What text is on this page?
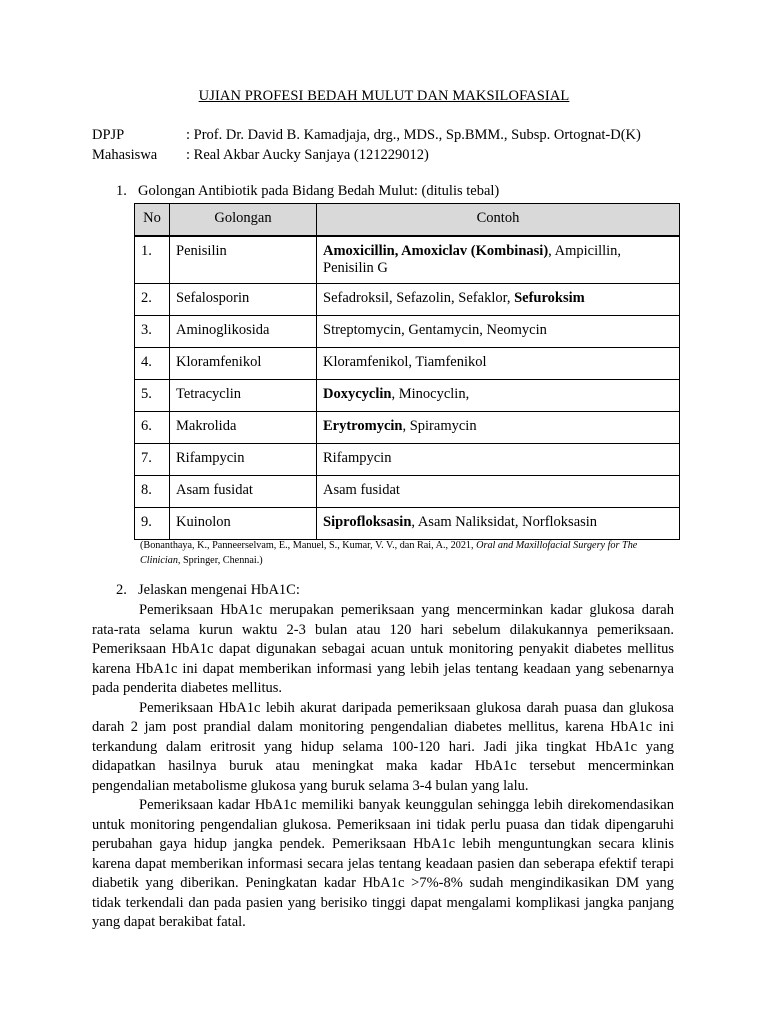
UJIAN PROFESI BEDAH MULUT DAN MAKSILOFASIAL
DPJP	: Prof. Dr. David B. Kamadjaja, drg., MDS., Sp.BMM., Subsp. Ortognat-D(K)
Mahasiswa : Real Akbar Aucky Sanjaya (121229012)
1. Golongan Antibiotik pada Bidang Bedah Mulut: (ditulis tebal)
No	Golongan	Contoh
1.	Penisilin	Amoxicillin, Amoxiclav (Kombinasi), Ampicillin, Penisilin G
2.	Sefalosporin	Sefadroksil, Sefazolin, Sefaklor, Sefuroksim
3.	Aminoglikosida	Streptomycin, Gentamycin, Neomycin
4.	Kloramfenikol	Kloramfenikol, Tiamfenikol
5.	Tetracyclin	Doxycyclin, Minocyclin,
6.	Makrolida	Erytromycin, Spiramycin
7.	Rifampycin	Rifampycin
8.	Asam fusidat	Asam fusidat
9.	Kuinolon	Siprofloksasin, Asam Naliksidat, Norfloksasin
(Bonanthaya, K., Panneerselvam, E., Manuel, S., Kumar, V. V., dan Rai, A., 2021, Oral and Maxillofacial Surgery for The Clinician, Springer, Chennai.)
2. Jelaskan mengenai HbA1C:

Pemeriksaan HbA1c merupakan pemeriksaan yang mencerminkan kadar glukosa darah rata-rata selama kurun waktu 2-3 bulan atau 120 hari sebelum dilakukannya pemeriksaan. Pemeriksaan HbA1c dapat digunakan sebagai acuan untuk monitoring penyakit diabetes mellitus karena HbA1c ini dapat memberikan informasi yang lebih jelas tentang keadaan yang sebenarnya pada penderita diabetes mellitus.

Pemeriksaan HbA1c lebih akurat daripada pemeriksaan glukosa darah puasa dan glukosa darah 2 jam post prandial dalam monitoring pengendalian diabetes mellitus, karena HbA1c ini terkandung dalam eritrosit yang hidup selama 100-120 hari. Jadi jika tingkat HbA1c yang didapatkan hasilnya buruk atau meningkat maka kadar HbA1c tersebut mencerminkan pengendalian metabolisme glukosa yang buruk selama 3-4 bulan yang lalu.

Pemeriksaan kadar HbA1c memiliki banyak keunggulan sehingga lebih direkomendasikan untuk monitoring pengendalian glukosa. Pemeriksaan ini tidak perlu puasa dan tidak dipengaruhi perubahan gaya hidup jangka pendek. Pemeriksaan HbA1c lebih menguntungkan secara klinis karena dapat memberikan informasi secara jelas tentang keadaan pasien dan seberapa efektif terapi diabetik yang diberikan. Peningkatan kadar HbA1c >7%-8% sudah mengindikasikan DM yang tidak terkendali dan pada pasien yang berisiko tinggi dapat mengalami komplikasi jangka panjang yang dapat berakibat fatal.
